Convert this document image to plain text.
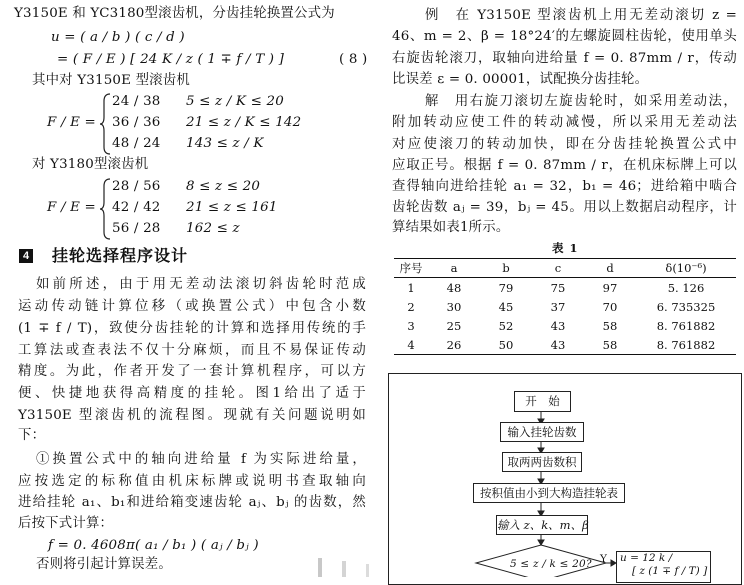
Y3150E 和 YC3180型滚齿机，分齿挂轮换置公式为
u = ( a / b ) ( c / d )
= ( F / E ) [ 24 K / z ( 1 ∓ f / T ) ]	( 8 )
其中对 Y3150E 型滚齿机
F / E =
24 / 38 5 ≤ z / K ≤ 20
36 / 36 21 ≤ z / K ≤ 142
48 / 24 143 ≤ z / K
对 Y3180型滚齿机
F / E =
28 / 56 8 ≤ z ≤ 20
42 / 42 21 ≤ z ≤ 161
56 / 28 162 ≤ z
4 挂轮选择程序设计
如前所述，由于用无差动法滚切斜齿轮时范成
运动传动链计算位移（或换置公式）中包含小数
(1 ∓ f / T)，致使分齿挂轮的计算和选择用传统的手
工算法或查表法不仅十分麻烦，而且不易保证传动
精度。为此，作者开发了一套计算机程序，可以方
便、快捷地获得高精度的挂轮。图1给出了适于
Y3150E 型滚齿机的流程图。现就有关问题说明如
下：
①换置公式中的轴向进给量 f 为实际进给量，
应按选定的标称值由机床标牌或说明书查取轴向
进给挂轮 a₁、b₁和进给箱变速齿轮 aⱼ、bⱼ 的齿数，然
后按下式计算：
f = 0. 4608π( a₁ / b₁ ) ( aⱼ / bⱼ )
否则将引起计算误差。
例　在 Y3150E 型滚齿机上用无差动滚切 z =
46、m = 2、β = 18°24′的左螺旋圆柱齿轮，使用单头
右旋齿轮滚刀，取轴向进给量 f = 0. 87mm / r，传动
比误差 ε = 0. 00001，试配换分齿挂轮。
解　用右旋刀滚切左旋齿轮时，如采用差动法，
附加转动应使工件的转动减慢，所以采用无差动法
对应使滚刀的转动加快，即在分齿挂轮换置公式中
应取正号。根据 f = 0. 87mm / r，在机床标牌上可以
查得轴向进给挂轮 a₁ = 32，b₁ = 46；进给箱中啮合
齿轮齿数 aⱼ = 39，bⱼ = 45。用以上数据启动程序，计
算结果如表1所示。
表 1
序号	a	b	c	d	δ(10⁻⁶)
1	48	79	75	97	5. 126
2	30	45	37	70	6. 735325
3	25	52	43	58	8. 761882
4	26	50	43	58	8. 761882
开　始
输入挂轮齿数
取两两齿数积
按积值由小到大构造挂轮表
输入 z、k、m、β
5 ≤ z / k ≤ 20? Y u = 12 k /
[ z (1 ∓ f / T) ]
